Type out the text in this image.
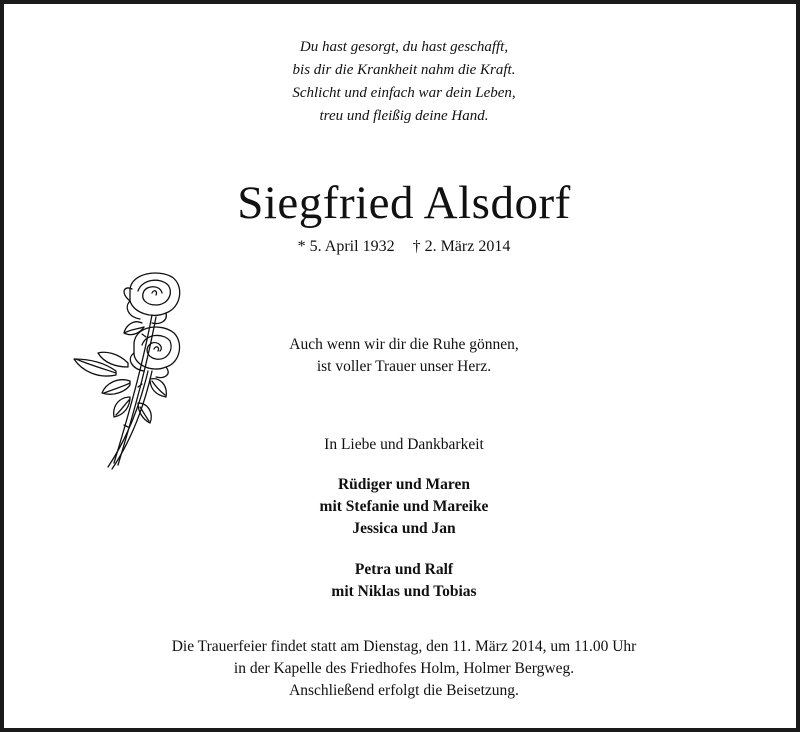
Du hast gesorgt, du hast geschafft,
bis dir die Krankheit nahm die Kraft.
Schlicht und einfach war dein Leben,
treu und fleißig deine Hand.
Siegfried Alsdorf
* 5. April 1932 † 2. März 2014
Auch wenn wir dir die Ruhe gönnen,
ist voller Trauer unser Herz.
In Liebe und Dankbarkeit
Rüdiger und Maren
mit Stefanie und Mareike
Jessica und Jan
Petra und Ralf
mit Niklas und Tobias
Die Trauerfeier findet statt am Dienstag, den 11. März 2014, um 11.00 Uhr
in der Kapelle des Friedhofes Holm, Holmer Bergweg.
Anschließend erfolgt die Beisetzung.
